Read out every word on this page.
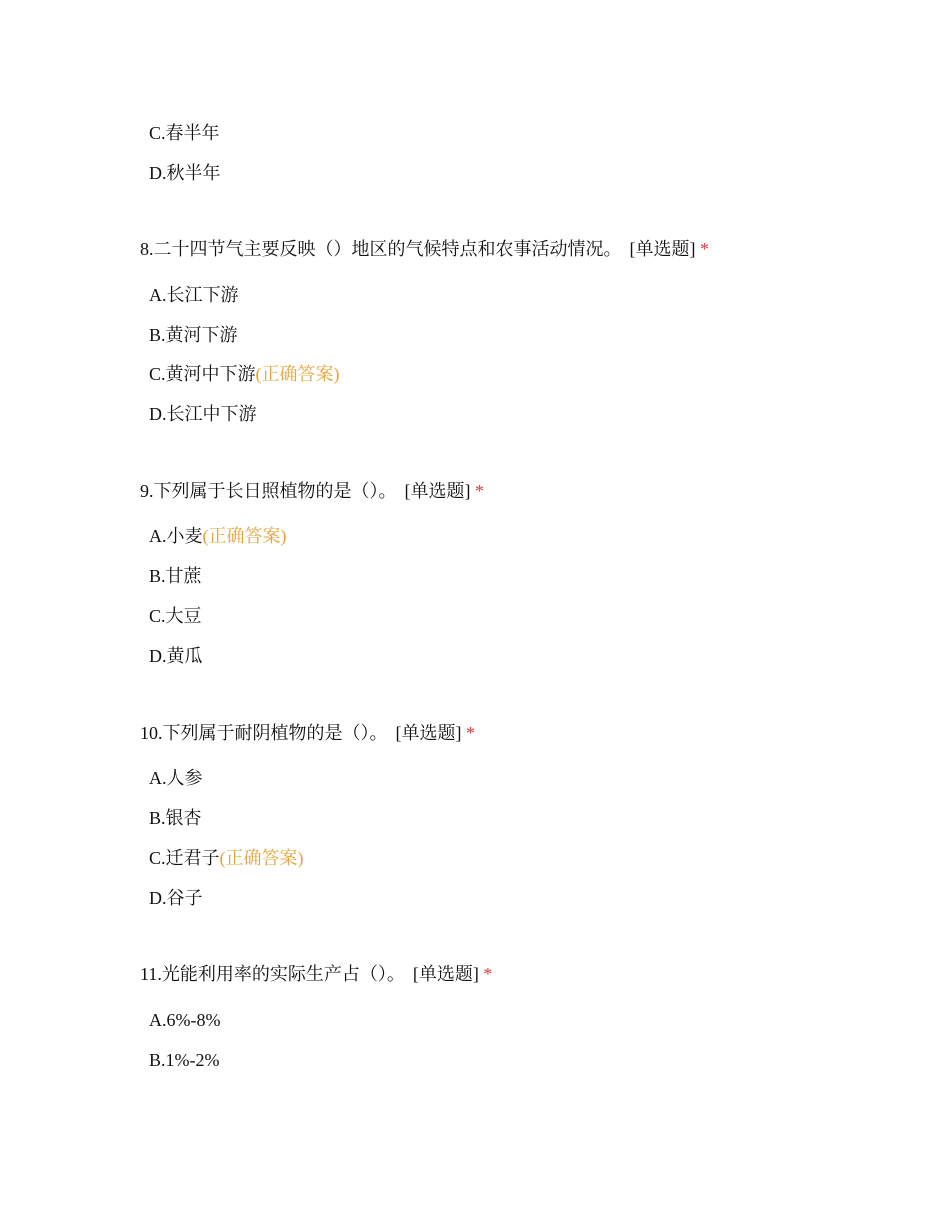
C.春半年
D.秋半年
8.二十四节气主要反映（）地区的气候特点和农事活动情况。 [单选题] *
A.长江下游
B.黄河下游
C.黄河中下游(正确答案)
D.长江中下游
9.下列属于长日照植物的是（）。 [单选题] *
A.小麦(正确答案)
B.甘蔗
C.大豆
D.黄瓜
10.下列属于耐阴植物的是（）。 [单选题] *
A.人参
B.银杏
C.迁君子(正确答案)
D.谷子
11.光能利用率的实际生产占（）。 [单选题] *
A.6%-8%
B.1%-2%
